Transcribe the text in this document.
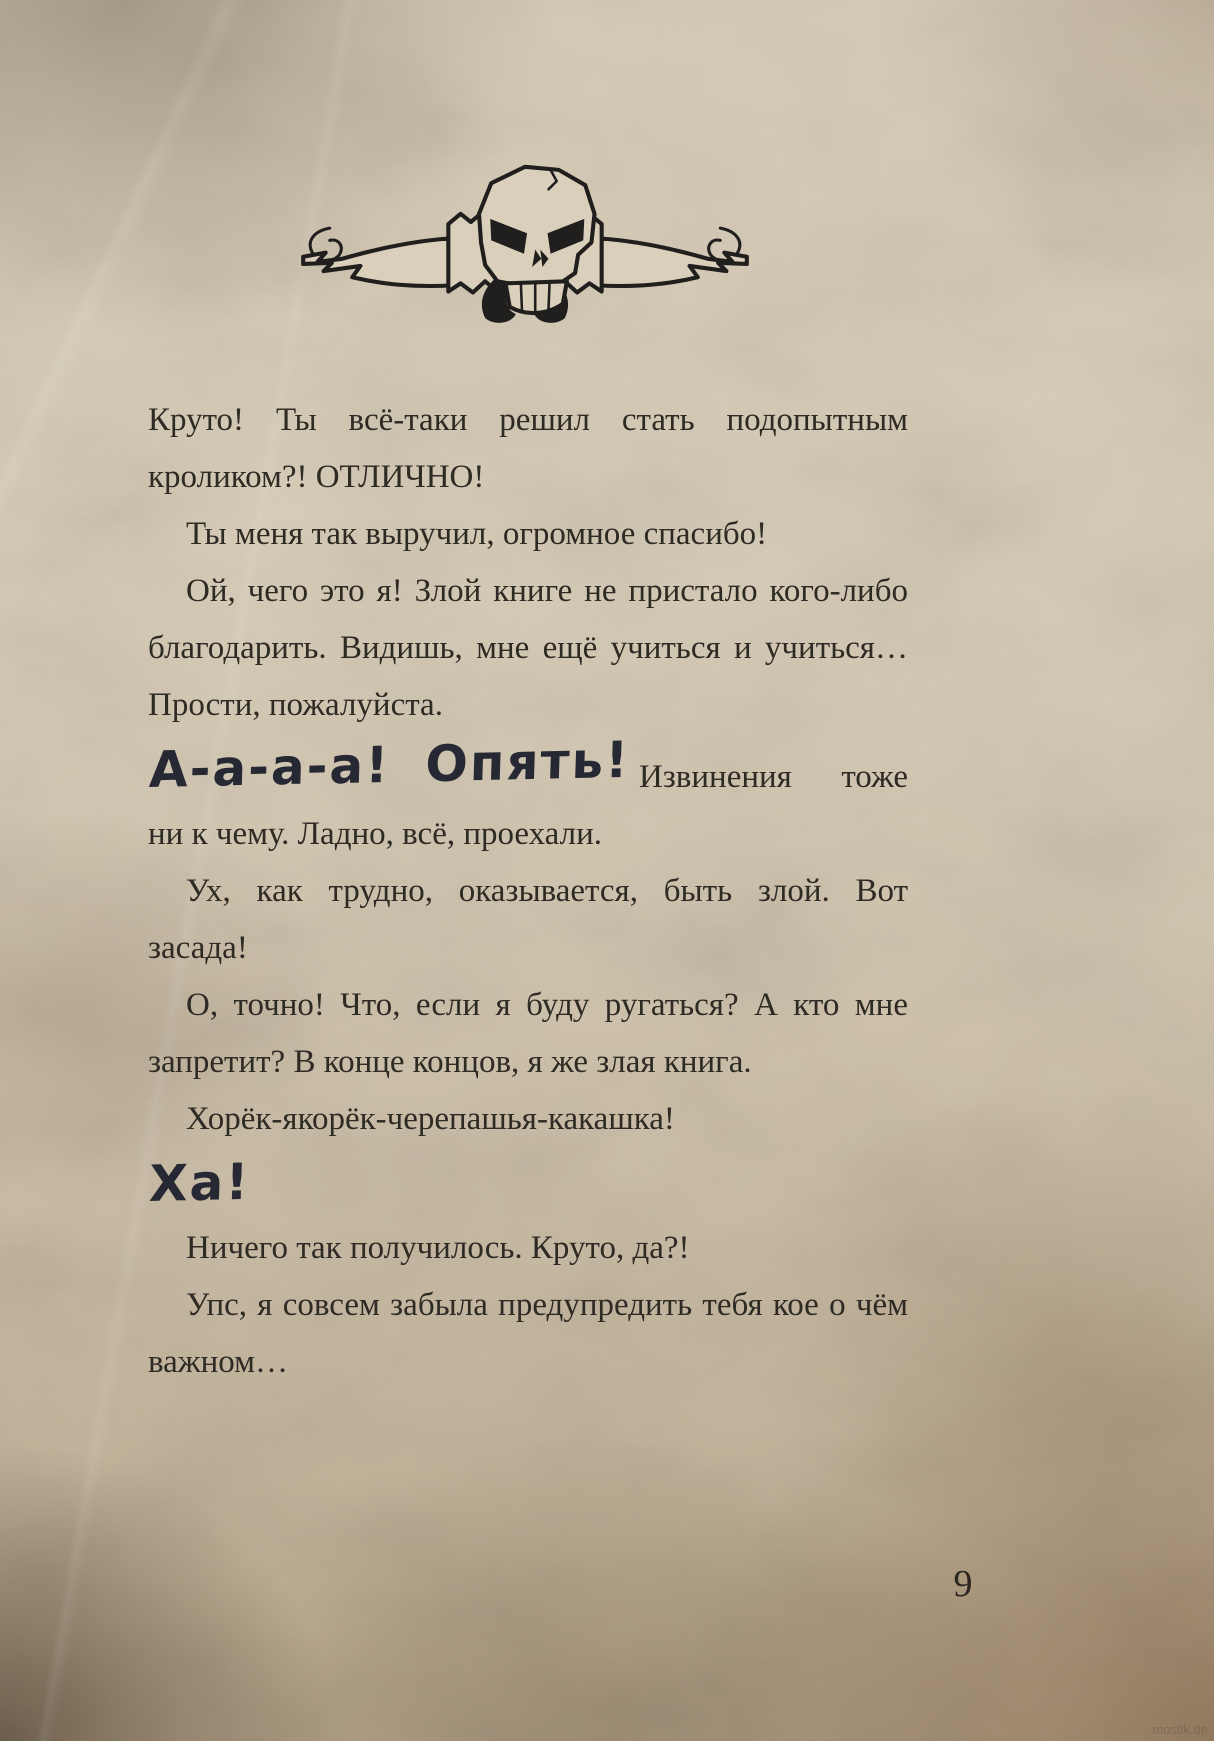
Круто! Ты всё-таки решил стать подопытным кроликом?! ОТЛИЧНО!

Ты меня так выручил, огромное спасибо!

Ой, чего это я! Злой книге не пристало кого-либо благодарить. Видишь, мне ещё учиться и учиться… Прости, пожалуйста.

А-а-а-а! Опять! Извинения тоже ни к чему. Ладно, всё, проехали.

Ух, как трудно, оказывается, быть злой. Вот засада!

О, точно! Что, если я буду ругаться? А кто мне запретит? В конце концов, я же злая книга.

Хорёк-якорёк-черепашья-какашка!

Ха!

Ничего так получилось. Круто, да?!

Упс, я совсем забыла предупредить тебя кое о чём важном…

9
mostik.de
